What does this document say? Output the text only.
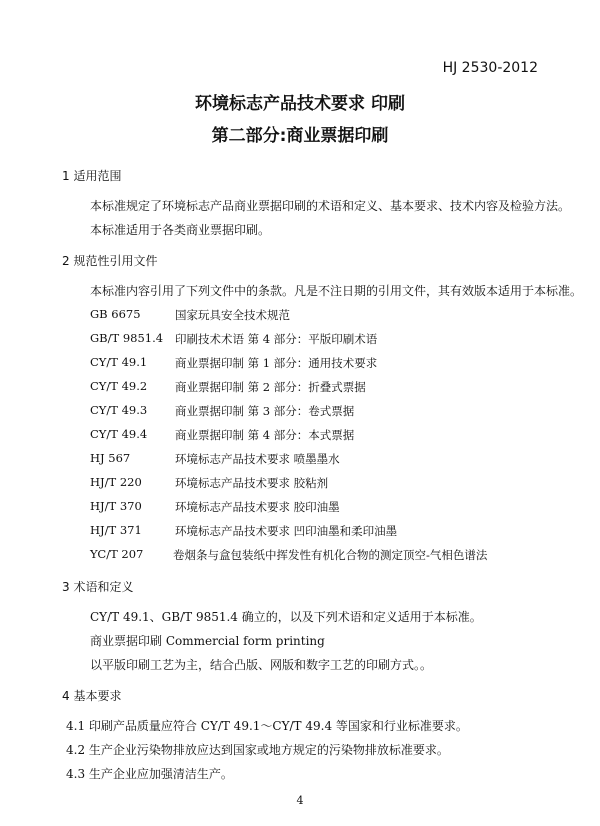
HJ 2530-2012
环境标志产品技术要求 印刷
第二部分:商业票据印刷
1 适用范围
本标准规定了环境标志产品商业票据印刷的术语和定义、基本要求、技术内容及检验方法。
本标准适用于各类商业票据印刷。
2 规范性引用文件
本标准内容引用了下列文件中的条款。凡是不注日期的引用文件，其有效版本适用于本标准。
GB 6675	国家玩具安全技术规范
GB/T 9851.4 印刷技术术语 第 4 部分：平版印刷术语
CY/T 49.1 商业票据印制 第 1 部分：通用技术要求
CY/T 49.2 商业票据印制 第 2 部分：折叠式票据
CY/T 49.3 商业票据印制 第 3 部分：卷式票据
CY/T 49.4 商业票据印制 第 4 部分：本式票据
HJ 567	环境标志产品技术要求 喷墨墨水
HJ/T 220	环境标志产品技术要求 胶粘剂
HJ/T 370	环境标志产品技术要求 胶印油墨
HJ/T 371	环境标志产品技术要求 凹印油墨和柔印油墨
YC/T 207	卷烟条与盒包装纸中挥发性有机化合物的测定顶空-气相色谱法
3 术语和定义
CY/T 49.1、GB/T 9851.4 确立的，以及下列术语和定义适用于本标准。
商业票据印刷 Commercial form printing
以平版印刷工艺为主，结合凸版、网版和数字工艺的印刷方式。。
4 基本要求
4.1 印刷产品质量应符合 CY/T 49.1～CY/T 49.4 等国家和行业标准要求。
4.2 生产企业污染物排放应达到国家或地方规定的污染物排放标准要求。
4.3 生产企业应加强清洁生产。
4
